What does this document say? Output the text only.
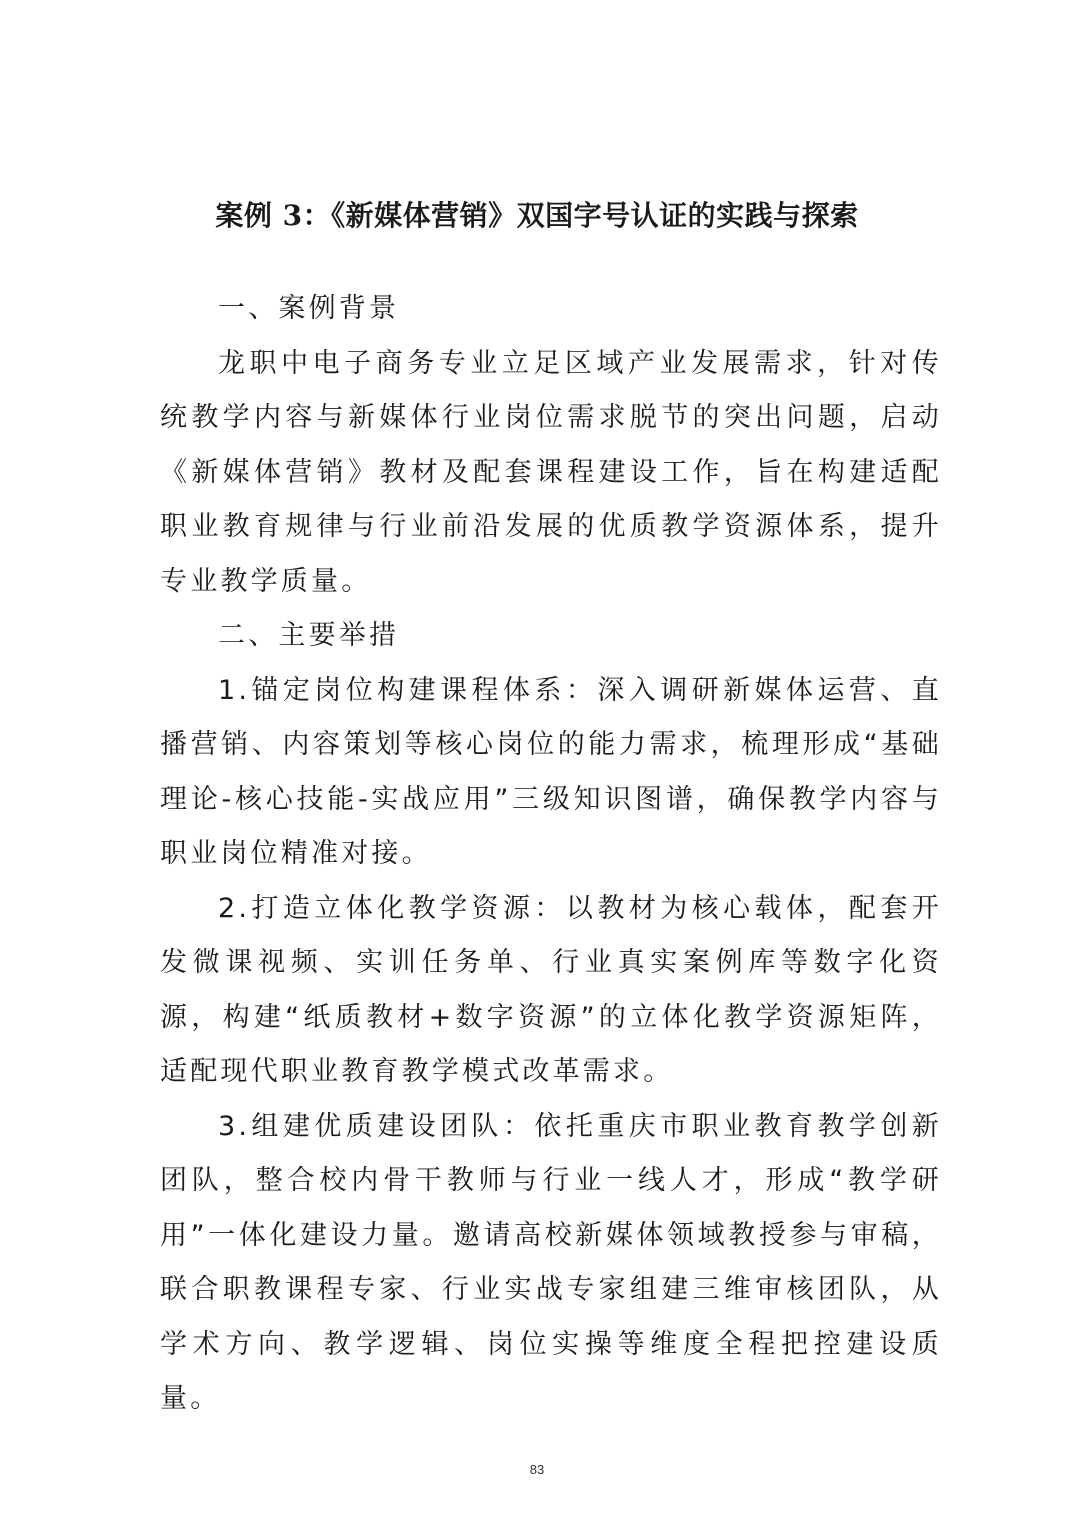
案例 3：《新媒体营销》双国字号认证的实践与探索

一、案例背景

龙职中电子商务专业立足区域产业发展需求，针对传统教学内容与新媒体行业岗位需求脱节的突出问题，启动《新媒体营销》教材及配套课程建设工作，旨在构建适配职业教育规律与行业前沿发展的优质教学资源体系，提升专业教学质量。

二、主要举措

1.锚定岗位构建课程体系：深入调研新媒体运营、直播营销、内容策划等核心岗位的能力需求，梳理形成“基础理论-核心技能-实战应用”三级知识图谱，确保教学内容与职业岗位精准对接。

2.打造立体化教学资源：以教材为核心载体，配套开发微课视频、实训任务单、行业真实案例库等数字化资源，构建“纸质教材+数字资源”的立体化教学资源矩阵，适配现代职业教育教学模式改革需求。

3.组建优质建设团队：依托重庆市职业教育教学创新团队，整合校内骨干教师与行业一线人才，形成“教学研用”一体化建设力量。邀请高校新媒体领域教授参与审稿，联合职教课程专家、行业实战专家组建三维审核团队，从学术方向、教学逻辑、岗位实操等维度全程把控建设质量。

83
